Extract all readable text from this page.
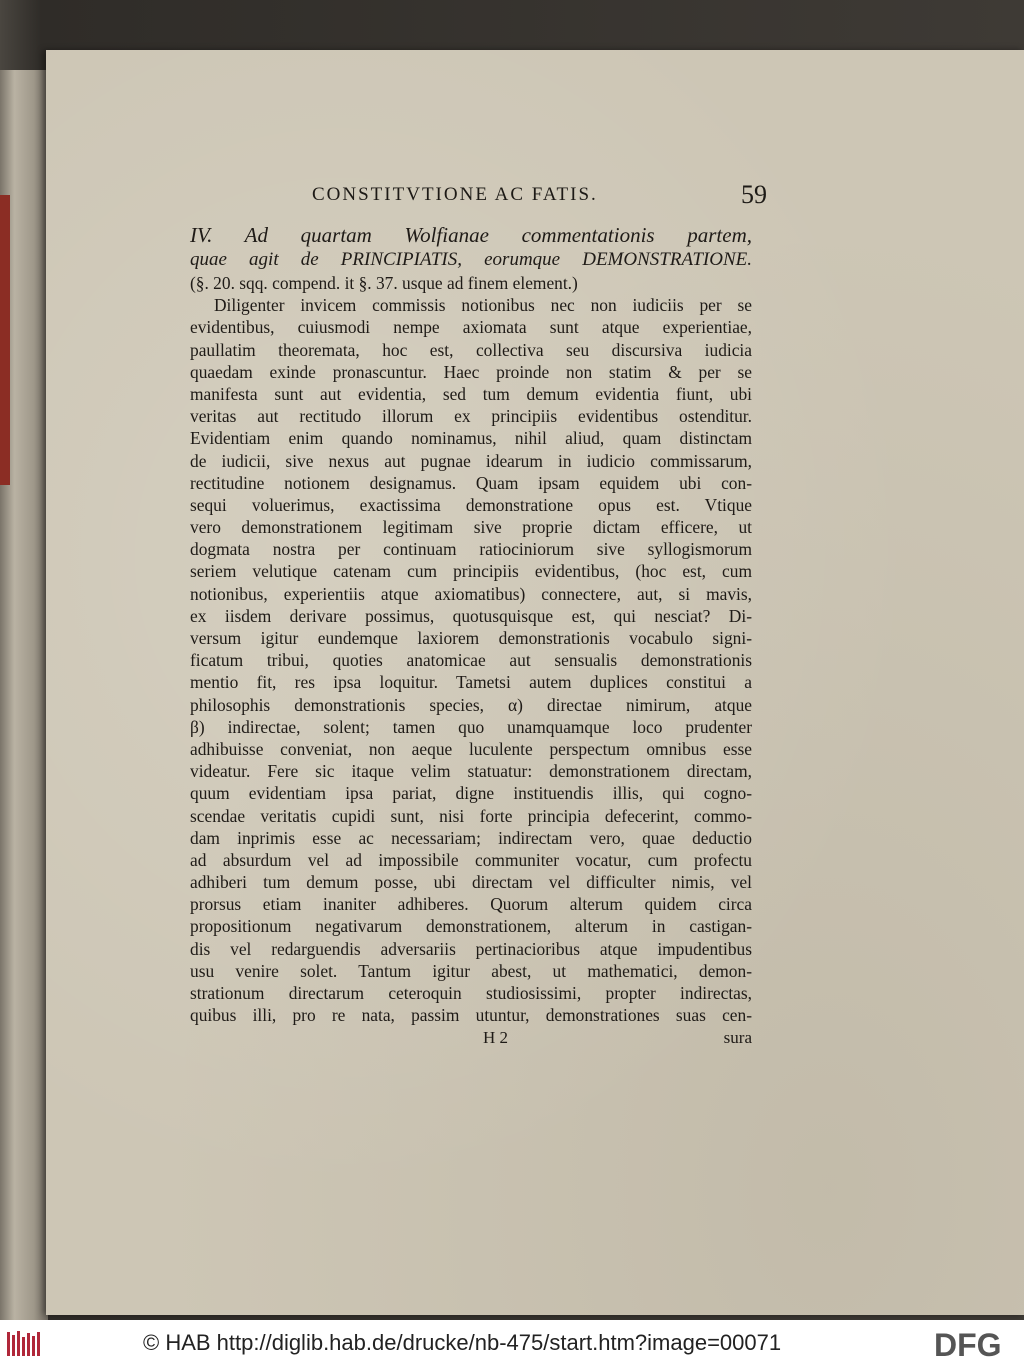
CONSTITVTIONE AC FATIS.	59
IV. Ad quartam Wolfianae commentationis partem,
quae agit de PRINCIPIATIS, eorumque DEMONSTRATIONE.
(§. 20. sqq. compend. it §. 37. usque ad finem element.)
Diligenter invicem commissis notionibus nec non iudiciis per se
evidentibus, cuiusmodi nempe axiomata sunt atque experientiae,
paullatim theoremata, hoc est, collectiva seu discursiva iudicia
quaedam exinde pronascuntur. Haec proinde non statim & per se
manifesta sunt aut evidentia, sed tum demum evidentia fiunt, ubi
veritas aut rectitudo illorum ex principiis evidentibus ostenditur.
Evidentiam enim quando nominamus, nihil aliud, quam distinctam
de iudicii, sive nexus aut pugnae idearum in iudicio commissarum,
rectitudine notionem designamus. Quam ipsam equidem ubi con-
sequi voluerimus, exactissima demonstratione opus est. Vtique
vero demonstrationem legitimam sive proprie dictam efficere, ut
dogmata nostra per continuam ratiociniorum sive syllogismorum
seriem velutique catenam cum principiis evidentibus, (hoc est, cum
notionibus, experientiis atque axiomatibus) connectere, aut, si mavis,
ex iisdem derivare possimus, quotusquisque est, qui nesciat? Di-
versum igitur eundemque laxiorem demonstrationis vocabulo signi-
ficatum tribui, quoties anatomicae aut sensualis demonstrationis
mentio fit, res ipsa loquitur. Tametsi autem duplices constitui a
philosophis demonstrationis species, α) directae nimirum, atque
β) indirectae, solent; tamen quo unamquamque loco prudenter
adhibuisse conveniat, non aeque luculente perspectum omnibus esse
videatur. Fere sic itaque velim statuatur: demonstrationem directam,
quum evidentiam ipsa pariat, digne instituendis illis, qui cogno-
scendae veritatis cupidi sunt, nisi forte principia defecerint, commo-
dam inprimis esse ac necessariam; indirectam vero, quae deductio
ad absurdum vel ad impossibile communiter vocatur, cum profectu
adhiberi tum demum posse, ubi directam vel difficulter nimis, vel
prorsus etiam inaniter adhiberes. Quorum alterum quidem circa
propositionum negativarum demonstrationem, alterum in castigan-
dis vel redarguendis adversariis pertinacioribus atque impudentibus
usu venire solet. Tantum igitur abest, ut mathematici, demon-
strationum directarum ceteroquin studiosissimi, propter indirectas,
quibus illi, pro re nata, passim utuntur, demonstrationes suas cen-
H 2	sura
© HAB http://diglib.hab.de/drucke/nb-475/start.htm?image=00071	DFG
